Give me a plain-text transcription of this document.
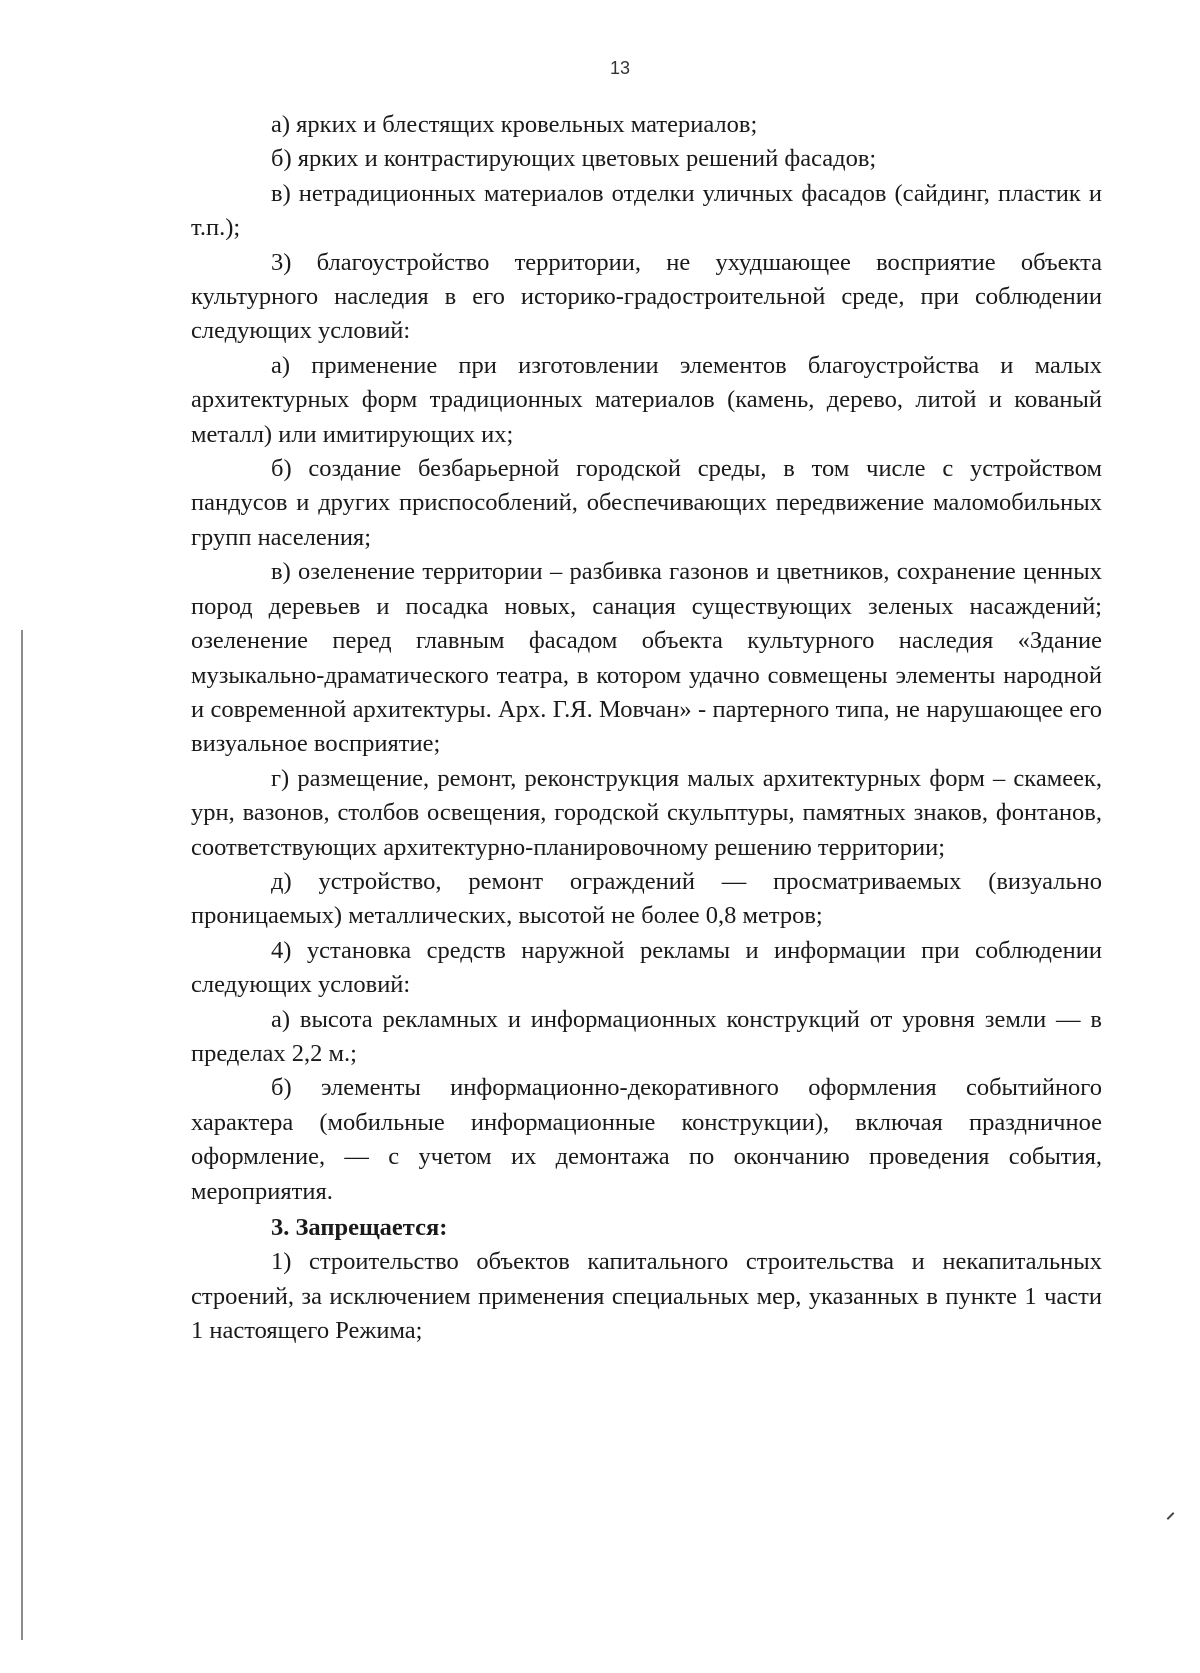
13

а) ярких и блестящих кровельных материалов;

б) ярких и контрастирующих цветовых решений фасадов;

в) нетрадиционных материалов отделки уличных фасадов (сайдинг, пластик и т.п.);

3) благоустройство территории, не ухудшающее восприятие объекта культурного наследия в его историко-градостроительной среде, при соблюдении следующих условий:

а) применение при изготовлении элементов благоустройства и малых архитектурных форм традиционных материалов (камень, дерево, литой и кованый металл) или имитирующих их;

б) создание безбарьерной городской среды, в том числе с устройством пандусов и других приспособлений, обеспечивающих передвижение маломобильных групп населения;

в) озеленение территории – разбивка газонов и цветников, сохранение ценных пород деревьев и посадка новых, санация существующих зеленых насаждений; озеленение перед главным фасадом объекта культурного наследия «Здание музыкально-драматического театра, в котором удачно совмещены элементы народной и современной архитектуры. Арх. Г.Я. Мовчан» - партерного типа, не нарушающее его визуальное восприятие;

г) размещение, ремонт, реконструкция малых архитектурных форм – скамеек, урн, вазонов, столбов освещения, городской скульптуры, памятных знаков, фонтанов, соответствующих архитектурно-планировочному решению территории;

д) устройство, ремонт ограждений — просматриваемых (визуально проницаемых) металлических, высотой не более 0,8 метров;

4) установка средств наружной рекламы и информации при соблюдении следующих условий:

а) высота рекламных и информационных конструкций от уровня земли — в пределах 2,2 м.;

б) элементы информационно-декоративного оформления событийного характера (мобильные информационные конструкции), включая праздничное оформление, — с учетом их демонтажа по окончанию проведения события, мероприятия.

3. Запрещается:

1) строительство объектов капитального строительства и некапитальных строений, за исключением применения специальных мер, указанных в пункте 1 части 1 настоящего Режима;
